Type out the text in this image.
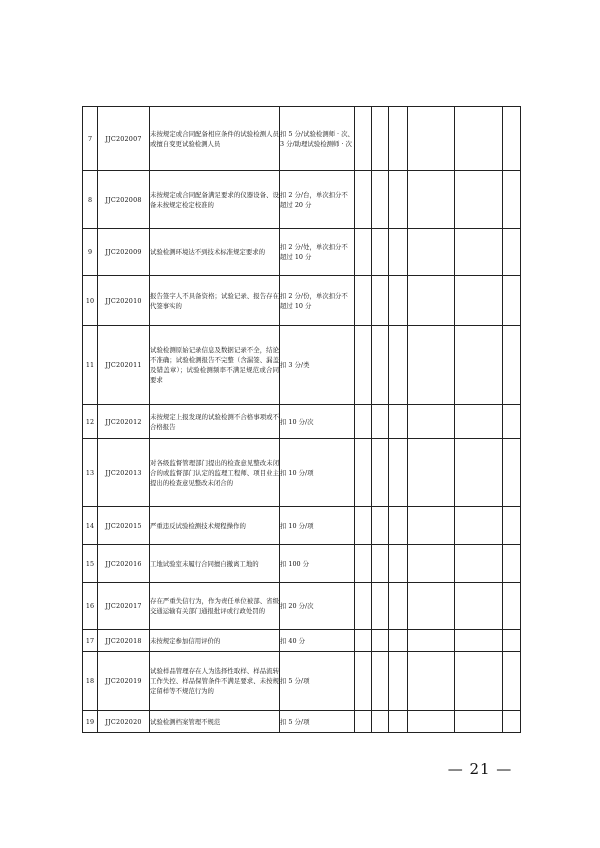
7	JJC202007	未按规定或合同配备相应条件的试验检测人员或擅自变更试验检测人员	扣 5 分/试验检测师 · 次、3 分/助理试验检测师 · 次						
8	JJC202008	未按规定或合同配备满足要求的仪器设备、设备未按规定检定校准的	扣 2 分/台，单次扣分不超过 20 分						
9	JJC202009	试验检测环境达不到技术标准规定要求的	扣 2 分/处，单次扣分不超过 10 分						
10	JJC202010	报告签字人不具备资格；试验记录、报告存在代签事实的	扣 2 分/份，单次扣分不超过 10 分						
11	JJC202011	试验检测原始记录信息及数据记录不全，结论不准确；试验检测报告不完整（含漏签、漏盖及错盖章）；试验检测频率不满足规范或合同要求	扣 3 分/类						
12	JJC202012	未按规定上报发现的试验检测不合格事项或不合格报告	扣 10 分/次						
13	JJC202013	对各级监督管理部门提出的检查意见整改未闭合的或监督部门认定的监理工程师、项目业主提出的检查意见整改未闭合的	扣 10 分/项						
14	JJC202015	严重违反试验检测技术规程操作的	扣 10 分/项						
15	JJC202016	工地试验室未履行合同擅自撤离工地的	扣 100 分						
16	JJC202017	存在严重失信行为，作为责任单位被部、省级交通运输有关部门通报批评或行政处罚的	扣 20 分/次						
17	JJC202018	未按规定参加信用评价的	扣 40 分						
18	JJC202019	试验样品管理存在人为选择性取样、样品流转工作失控、样品保管条件不满足要求、未按规定留样等不规范行为的	扣 5 分/项						
19	JJC202020	试验检测档案管理不规范	扣 5 分/项						
— 21 —
